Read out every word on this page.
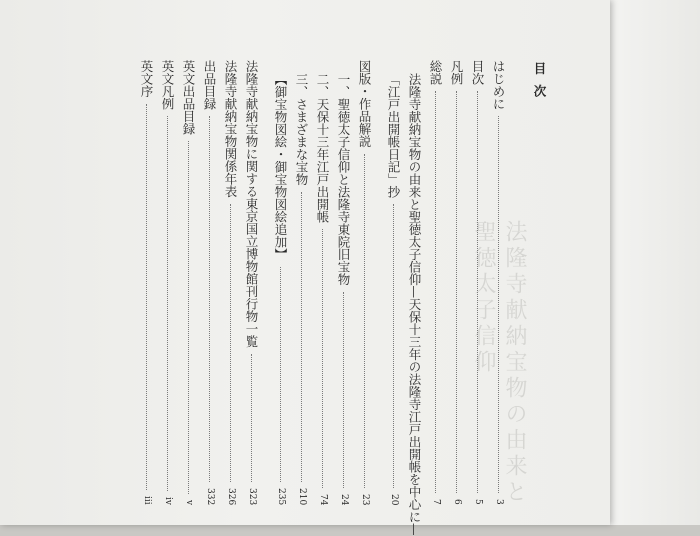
法隆寺献納宝物の由来と聖徳太子信仰
目次
はじめに
3
目次
5
凡例
6
総説
7
法隆寺献納宝物の由来と聖徳太子信仰—天保十三年の法隆寺江戸出開帳を中心に—
「江戸出開帳日記」抄
20
図版・作品解説
23
一、聖徳太子信仰と法隆寺東院旧宝物
24
二、天保十三年江戸出開帳
74
三、さまざまな宝物
210
【御宝物図絵・御宝物図絵追加】
235
法隆寺献納宝物に関する東京国立博物館刊行物一覧
323
法隆寺献納宝物関係年表
326
出品目録
332
英文出品目録
v
英文凡例
iv
英文序
iii
